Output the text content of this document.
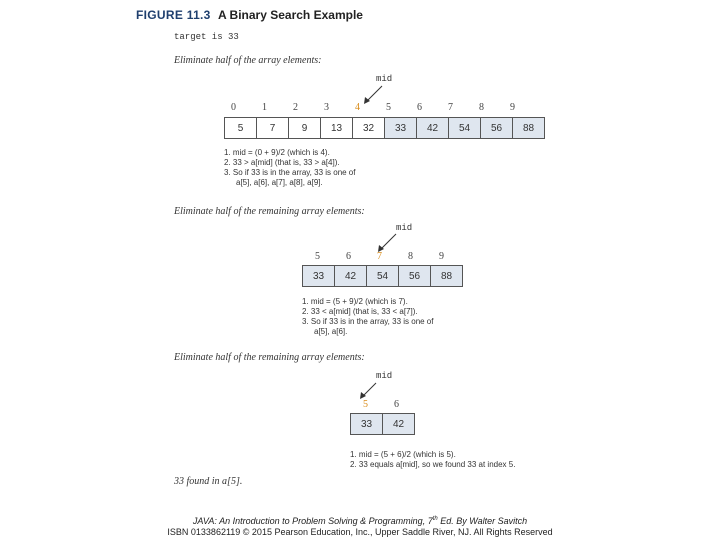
FIGURE 11.3 A Binary Search Example
target is 33
Eliminate half of the array elements:
mid
0	1	2	3	4	5	6	7	8	9
5	7	9	13	32	33	42	54	56	88
1. mid = (0 + 9)/2 (which is 4).
2. 33 > a[mid] (that is, 33 > a[4]).
3. So if 33 is in the array, 33 is one of
a[5], a[6], a[7], a[8], a[9].
Eliminate half of the remaining array elements:
mid
5	6	7	8	9
33	42	54	56	88
1. mid = (5 + 9)/2 (which is 7).
2. 33 < a[mid] (that is, 33 < a[7]).
3. So if 33 is in the array, 33 is one of
a[5], a[6].
Eliminate half of the remaining array elements:
mid
5	6
33	42
1. mid = (5 + 6)/2 (which is 5).
2. 33 equals a[mid], so we found 33 at index 5.
33 found in a[5].
JAVA: An Introduction to Problem Solving & Programming, 7th Ed. By Walter Savitch
ISBN 0133862119 © 2015 Pearson Education, Inc., Upper Saddle River, NJ. All Rights Reserved
